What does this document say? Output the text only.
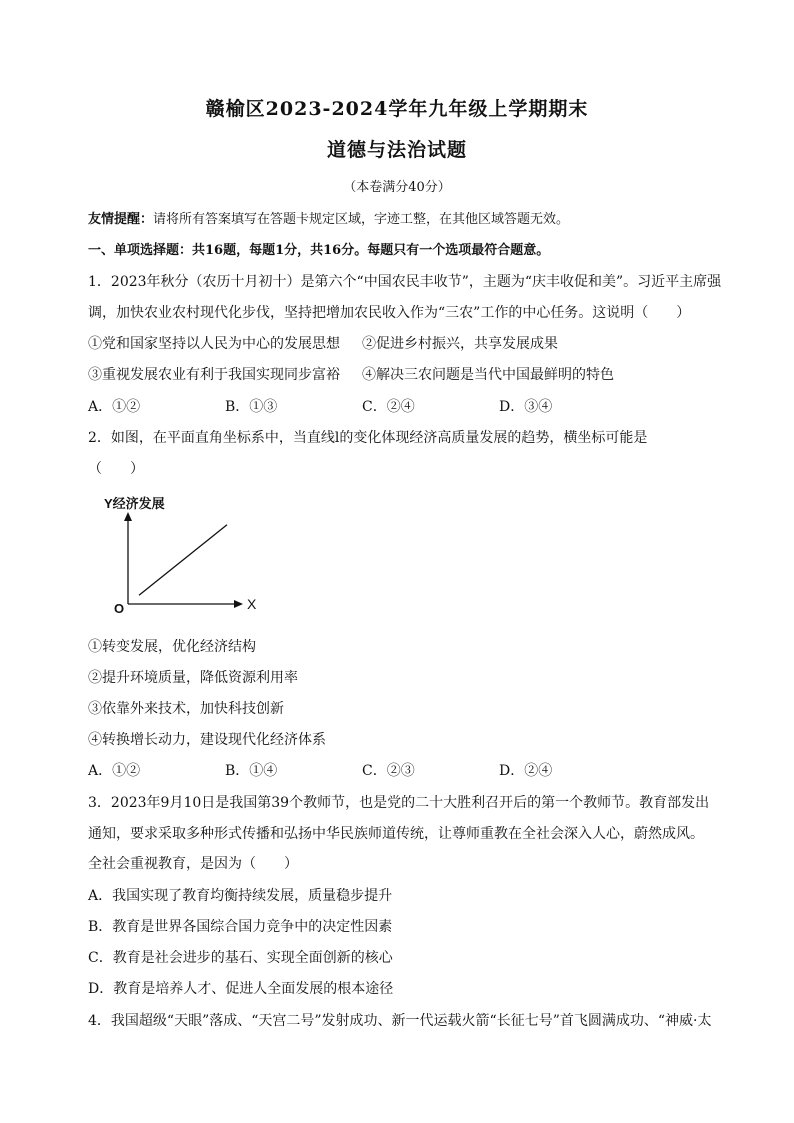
赣榆区2023-2024学年九年级上学期期末
道德与法治试题
（本卷满分40分）
友情提醒：请将所有答案填写在答题卡规定区域，字迹工整，在其他区域答题无效。
一、单项选择题：共16题，每题1分，共16分。每题只有一个选项最符合题意。
1．2023年秋分（农历十月初十）是第六个“中国农民丰收节”，主题为“庆丰收促和美”。习近平主席强
调，加快农业农村现代化步伐，坚持把增加农民收入作为“三农”工作的中心任务。这说明（　　）
①党和国家坚持以人民为中心的发展思想 ②促进乡村振兴，共享发展成果
③重视发展农业有利于我国实现同步富裕 ④解决三农问题是当代中国最鲜明的特色
A．①②	B．①③	C．②④	D．③④
2．如图，在平面直角坐标系中，当直线l的变化体现经济高质量发展的趋势，横坐标可能是
（　　）
Y经济发展
X
O
①转变发展，优化经济结构
②提升环境质量，降低资源利用率
③依靠外来技术，加快科技创新
④转换增长动力，建设现代化经济体系
A．①②	B．①④	C．②③	D．②④
3．2023年9月10日是我国第39个教师节，也是党的二十大胜利召开后的第一个教师节。教育部发出
通知，要求采取多种形式传播和弘扬中华民族师道传统，让尊师重教在全社会深入人心，蔚然成风。
全社会重视教育，是因为（　　）
A．我国实现了教育均衡持续发展，质量稳步提升
B．教育是世界各国综合国力竞争中的决定性因素
C．教育是社会进步的基石、实现全面创新的核心
D．教育是培养人才、促进人全面发展的根本途径
4．我国超级“天眼”落成、“天宫二号”发射成功、新一代运载火箭“长征七号”首飞圆满成功、“神威·太
